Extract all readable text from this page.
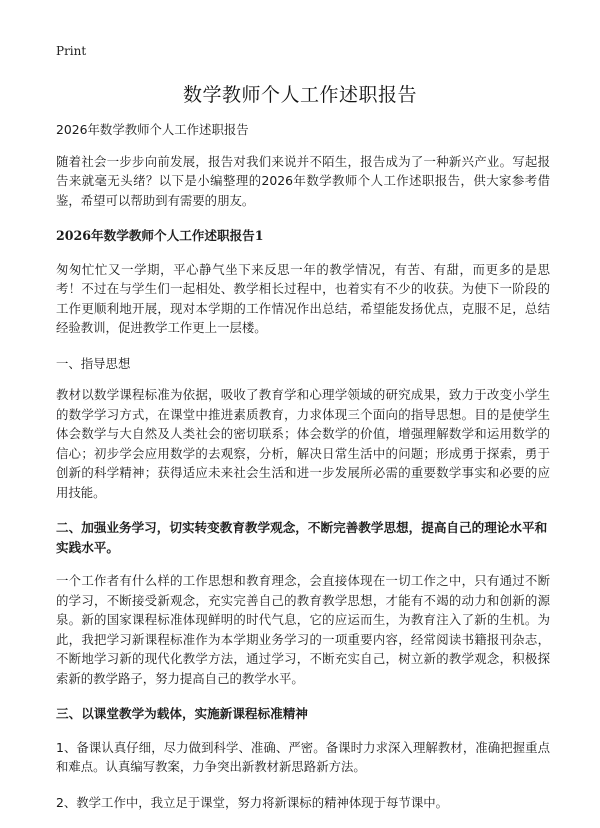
Print
数学教师个人工作述职报告

2026年数学教师个人工作述职报告

随着社会一步步向前发展，报告对我们来说并不陌生，报告成为了一种新兴产业。写起报告来就毫无头绪？以下是小编整理的2026年数学教师个人工作述职报告，供大家参考借鉴，希望可以帮助到有需要的朋友。

2026年数学教师个人工作述职报告1

匆匆忙忙又一学期，平心静气坐下来反思一年的教学情况，有苦、有甜，而更多的是思考！不过在与学生们一起相处、教学相长过程中，也着实有不少的收获。为使下一阶段的工作更顺利地开展，现对本学期的工作情况作出总结，希望能发扬优点，克服不足，总结经验教训，促进教学工作更上一层楼。

一、指导思想

教材以数学课程标准为依据，吸收了教育学和心理学领域的研究成果，致力于改变小学生的数学学习方式，在课堂中推进素质教育，力求体现三个面向的指导思想。目的是使学生体会数学与大自然及人类社会的密切联系；体会数学的价值，增强理解数学和运用数学的信心；初步学会应用数学的去观察，分析，解决日常生活中的问题；形成勇于探索，勇于创新的科学精神；获得适应未来社会生活和进一步发展所必需的重要数学事实和必要的应用技能。

二、加强业务学习，切实转变教育教学观念，不断完善教学思想，提高自己的理论水平和实践水平。

一个工作者有什么样的工作思想和教育理念，会直接体现在一切工作之中，只有通过不断的学习，不断接受新观念，充实完善自己的教育教学思想，才能有不竭的动力和创新的源泉。新的国家课程标准体现鲜明的时代气息，它的应运而生，为教育注入了新的生机。为此，我把学习新课程标准作为本学期业务学习的一项重要内容，经常阅读书籍报刊杂志，不断地学习新的现代化教学方法，通过学习，不断充实自己，树立新的教学观念，积极探索新的教学路子，努力提高自己的教学水平。

三、以课堂教学为载体，实施新课程标准精神

1、备课认真仔细，尽力做到科学、准确、严密。备课时力求深入理解教材，准确把握重点和难点。认真编写教案，力争突出新教材新思路新方法。

2、教学工作中，我立足于课堂，努力将新课标的精神体现于每节课中。
